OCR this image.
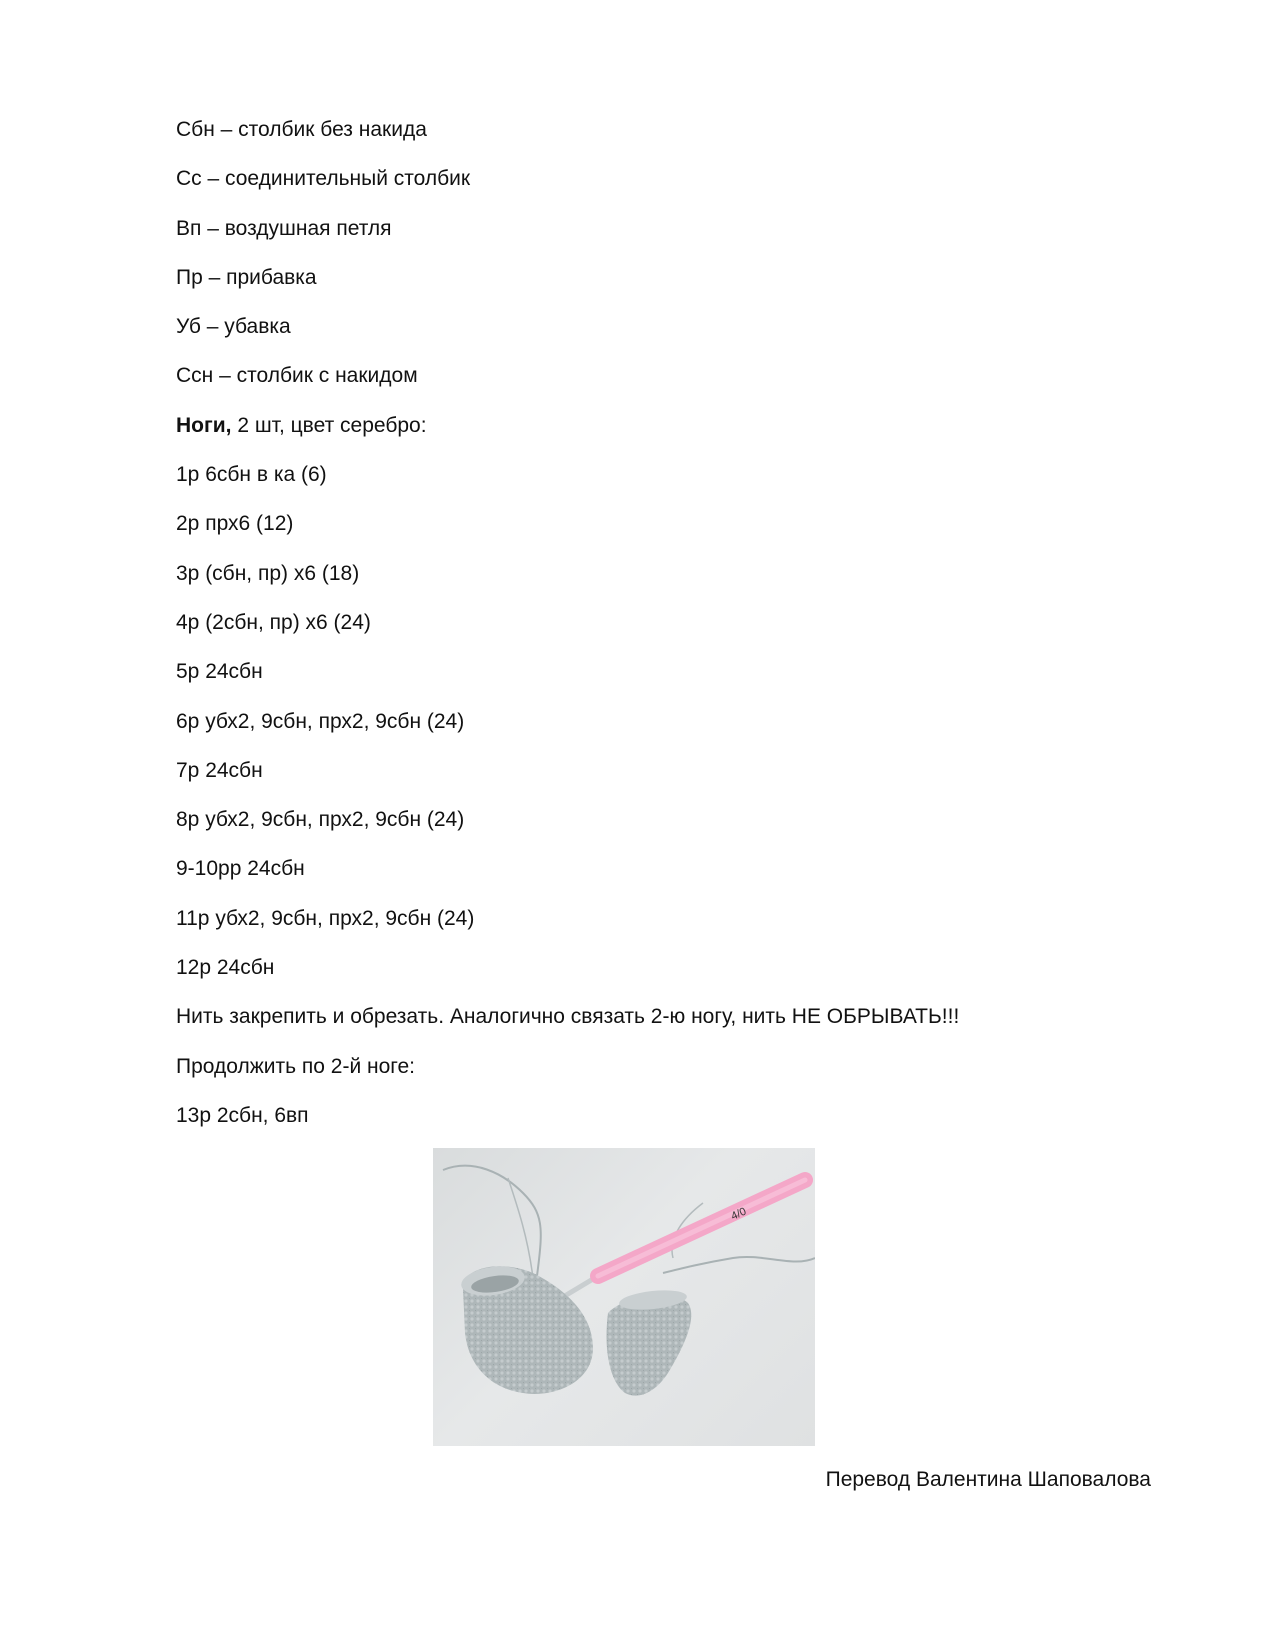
Сбн – столбик без накида
Сс – соединительный столбик
Вп – воздушная петля
Пр – прибавка
Уб – убавка
Ссн – столбик с накидом
Ноги, 2 шт, цвет серебро:
1р 6сбн в ка (6)
2р прх6 (12)
3р (сбн, пр) х6 (18)
4р (2сбн, пр) х6 (24)
5р 24сбн
6р убх2, 9сбн, прх2, 9сбн (24)
7р 24сбн
8р убх2, 9сбн, прх2, 9сбн (24)
9-10рр 24сбн
11р убх2, 9сбн, прх2, 9сбн (24)
12р 24сбн
Нить закрепить и обрезать. Аналогично связать 2-ю ногу, нить НЕ ОБРЫВАТЬ!!!
Продолжить по 2-й ноге:
13р 2сбн, 6вп
4/0
Перевод Валентина Шаповалова
